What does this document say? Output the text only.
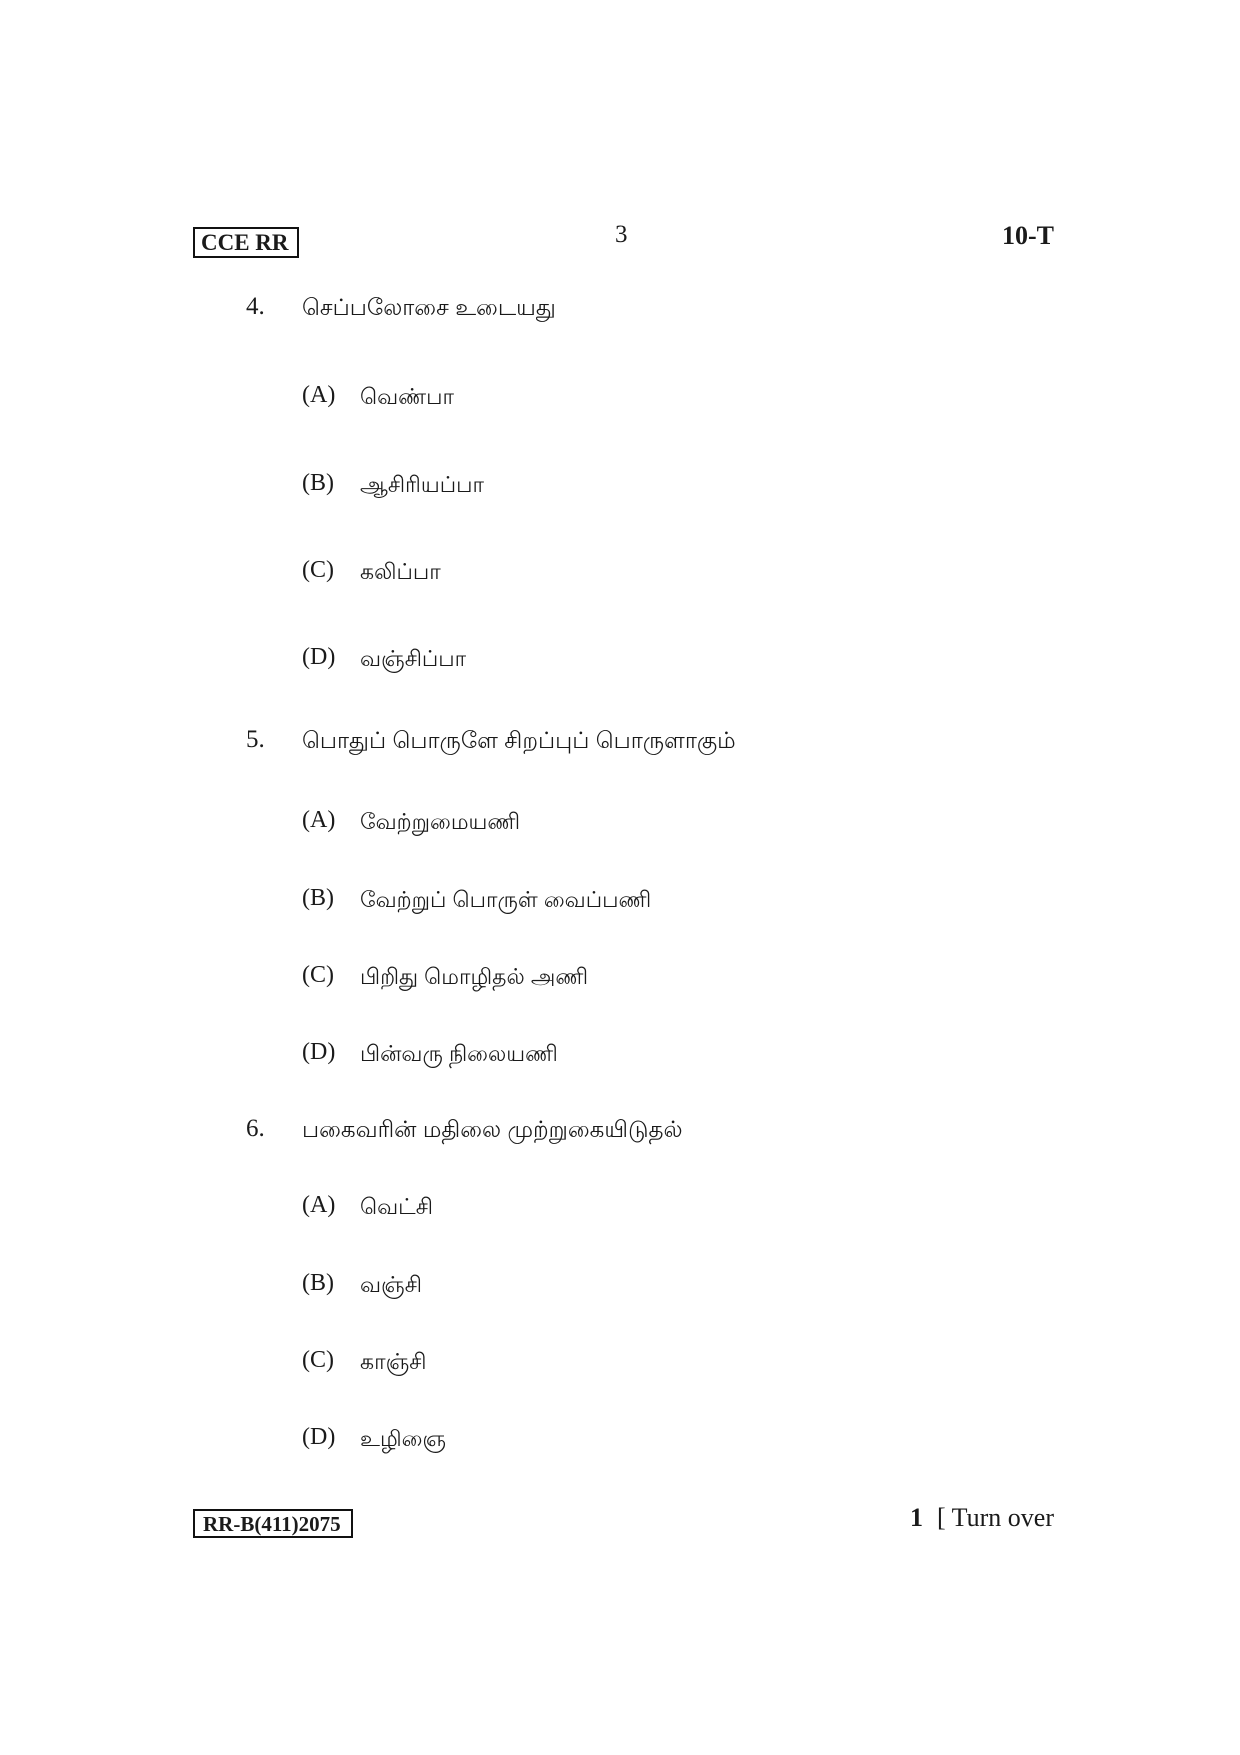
CCE RR	3	10-T
4. செப்பலோசை உடையது
(A) வெண்பா
(B) ஆசிரியப்பா
(C) கலிப்பா
(D) வஞ்சிப்பா
5. பொதுப் பொருளே சிறப்புப் பொருளாகும்
(A) வேற்றுமையணி
(B) வேற்றுப் பொருள் வைப்பணி
(C) பிறிது மொழிதல் அணி
(D) பின்வரு நிலையணி
6. பகைவரின் மதிலை முற்றுகையிடுதல்
(A) வெட்சி
(B) வஞ்சி
(C) காஞ்சி
(D) உழிஞை
RR-B(411)2075	1 [ Turn over
